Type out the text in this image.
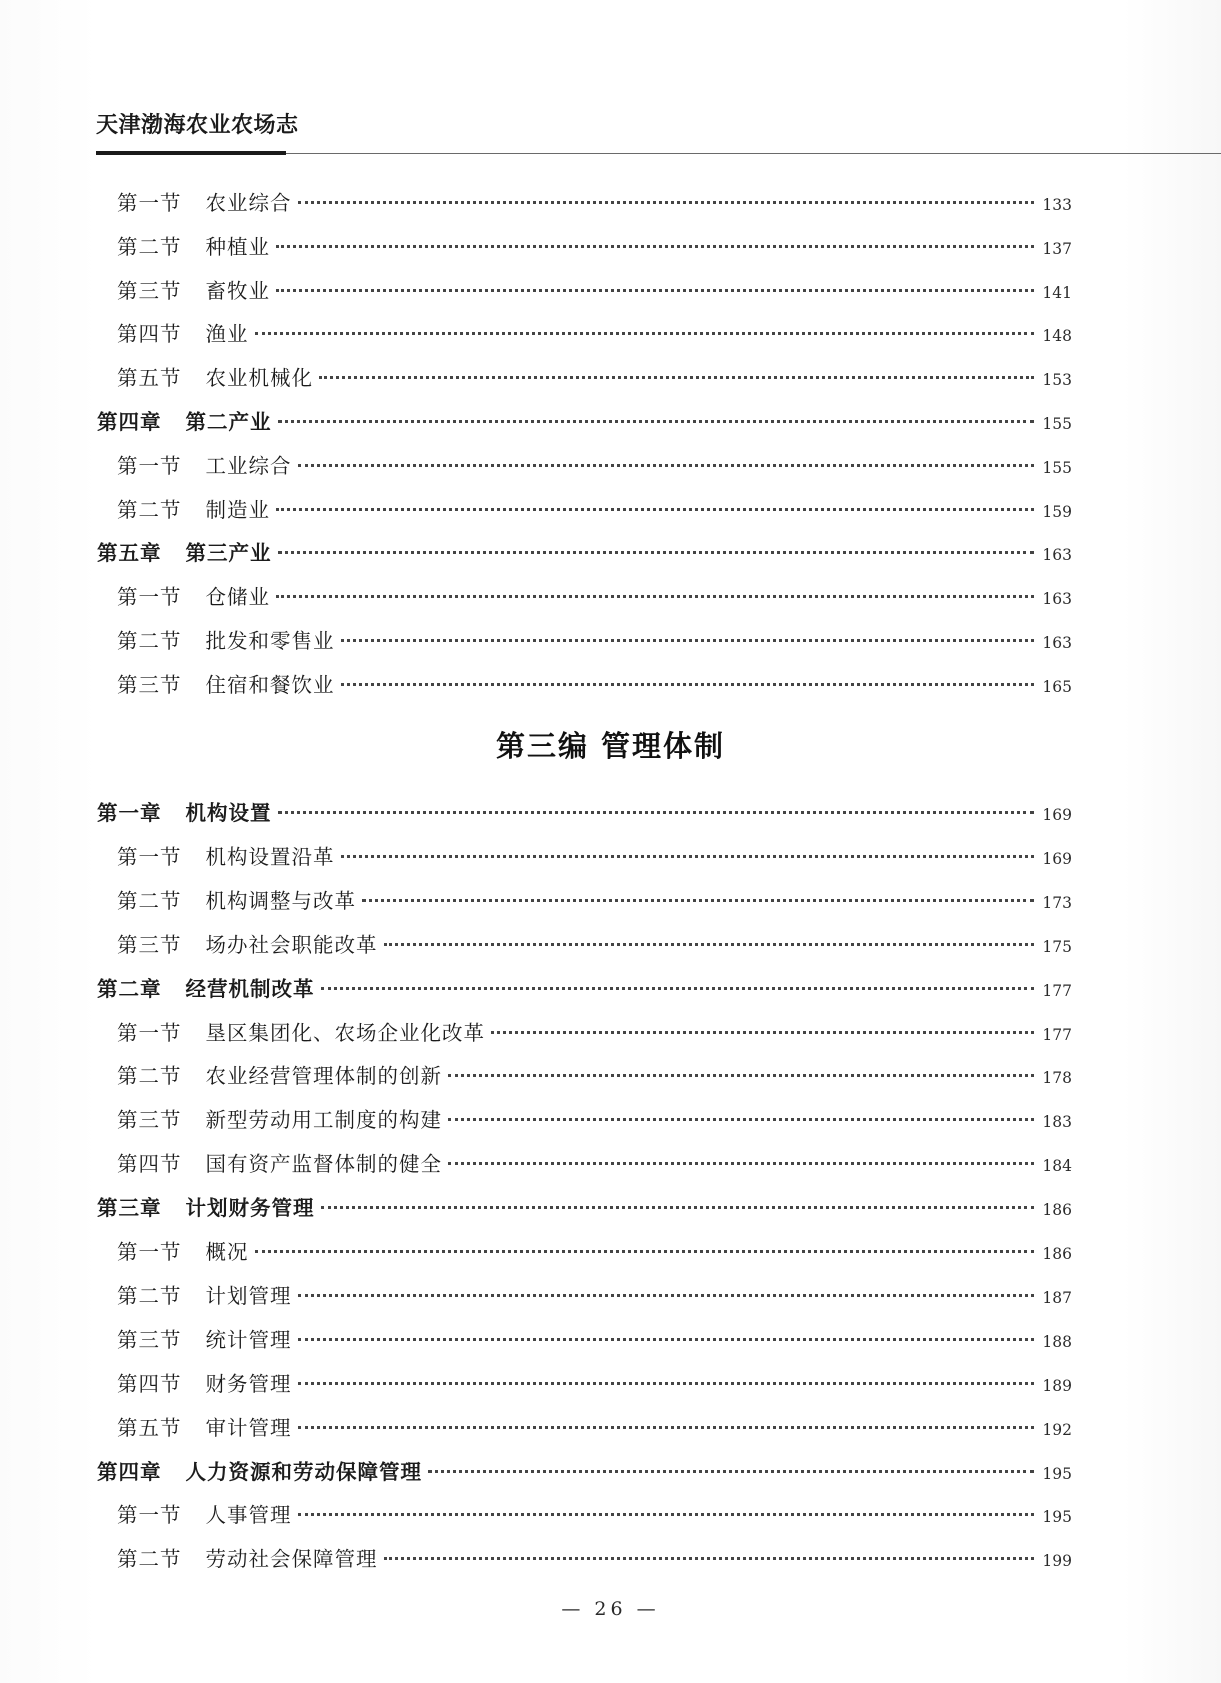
天津渤海农业农场志
第一节 农业综合	133
第二节 种植业	137
第三节 畜牧业	141
第四节 渔业	148
第五节 农业机械化	153
第四章 第二产业	155
第一节 工业综合	155
第二节 制造业	159
第五章 第三产业	163
第一节 仓储业	163
第二节 批发和零售业	163
第三节 住宿和餐饮业	165
第三编 管理体制
第一章 机构设置	169
第一节 机构设置沿革	169
第二节 机构调整与改革	173
第三节 场办社会职能改革	175
第二章 经营机制改革	177
第一节 垦区集团化、农场企业化改革	177
第二节 农业经营管理体制的创新	178
第三节 新型劳动用工制度的构建	183
第四节 国有资产监督体制的健全	184
第三章 计划财务管理	186
第一节 概况	186
第二节 计划管理	187
第三节 统计管理	188
第四节 财务管理	189
第五节 审计管理	192
第四章 人力资源和劳动保障管理	195
第一节 人事管理	195
第二节 劳动社会保障管理	199
— 26 —
